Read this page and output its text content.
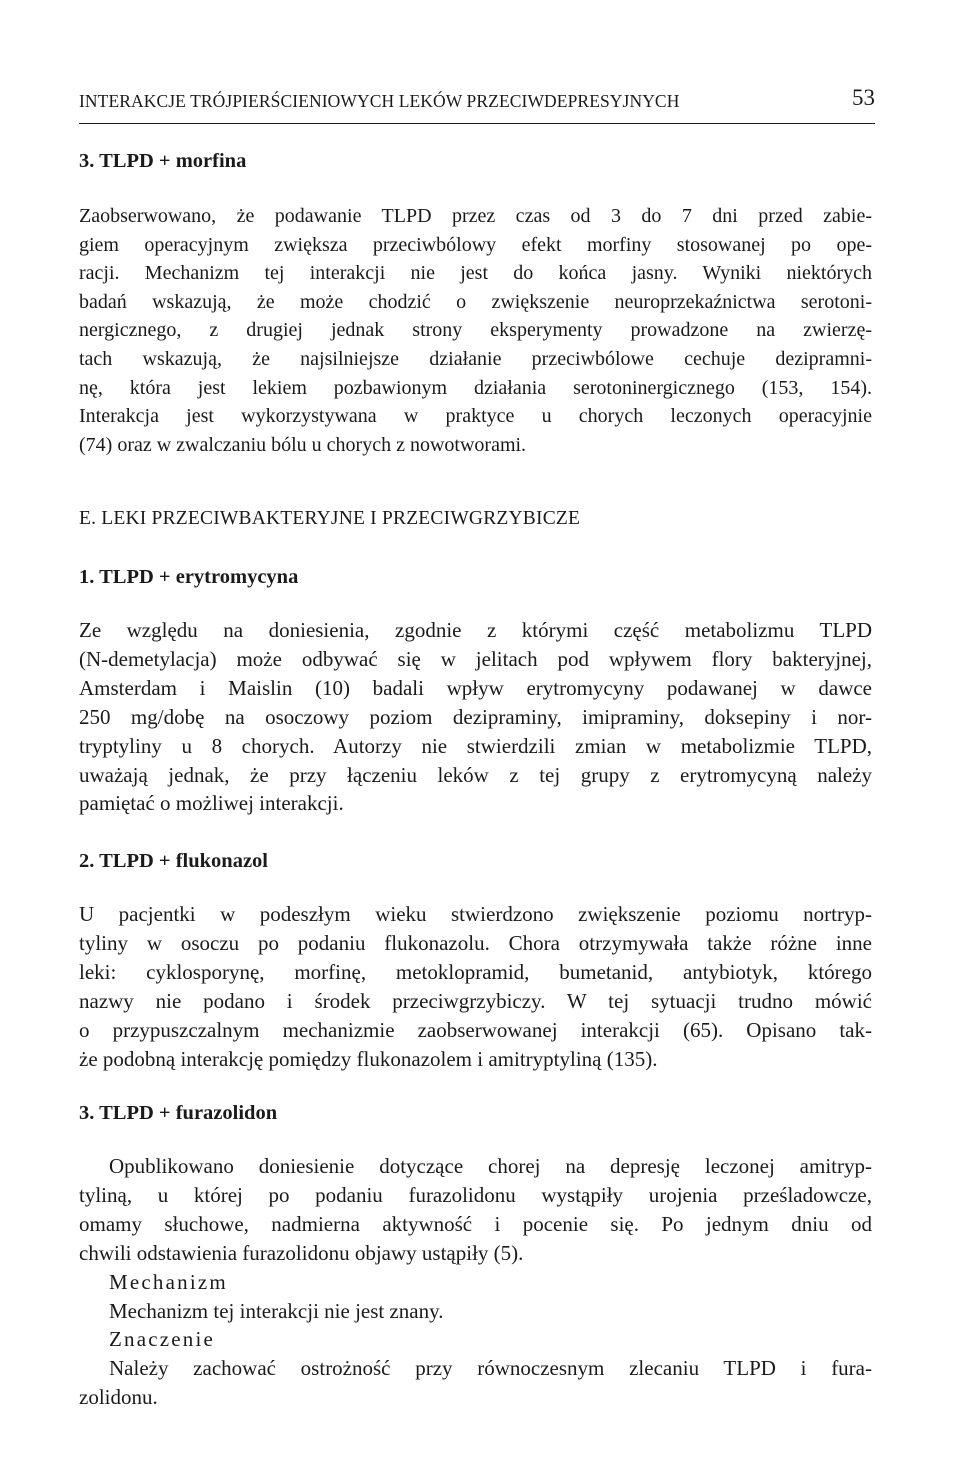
INTERAKCJE TRÓJPIERŚCIENIOWYCH LEKÓW PRZECIWDEPRESYJNYCH	53
3. TLPD + morfina
Zaobserwowano, że podawanie TLPD przez czas od 3 do 7 dni przed zabie-
giem operacyjnym zwiększa przeciwbólowy efekt morfiny stosowanej po ope-
racji. Mechanizm tej interakcji nie jest do końca jasny. Wyniki niektórych
badań wskazują, że może chodzić o zwiększenie neuroprzekaźnictwa serotoni-
nergicznego, z drugiej jednak strony eksperymenty prowadzone na zwierzę-
tach wskazują, że najsilniejsze działanie przeciwbólowe cechuje dezipramni-
nę, która jest lekiem pozbawionym działania serotoninergicznego (153, 154).
Interakcja jest wykorzystywana w praktyce u chorych leczonych operacyjnie
(74) oraz w zwalczaniu bólu u chorych z nowotworami.
E. LEKI PRZECIWBAKTERYJNE I PRZECIWGRZYBICZE
1. TLPD + erytromycyna
Ze względu na doniesienia, zgodnie z którymi część metabolizmu TLPD
(N-demetylacja) może odbywać się w jelitach pod wpływem flory bakteryjnej,
Amsterdam i Maislin (10) badali wpływ erytromycyny podawanej w dawce
250 mg/dobę na osoczowy poziom dezipraminy, imipraminy, doksepiny i nor-
tryptyliny u 8 chorych. Autorzy nie stwierdzili zmian w metabolizmie TLPD,
uważają jednak, że przy łączeniu leków z tej grupy z erytromycyną należy
pamiętać o możliwej interakcji.
2. TLPD + flukonazol
U pacjentki w podeszłym wieku stwierdzono zwiększenie poziomu nortryp-
tyliny w osoczu po podaniu flukonazolu. Chora otrzymywała także różne inne
leki: cyklosporynę, morfinę, metoklopramid, bumetanid, antybiotyk, którego
nazwy nie podano i środek przeciwgrzybiczy. W tej sytuacji trudno mówić
o przypuszczalnym mechanizmie zaobserwowanej interakcji (65). Opisano tak-
że podobną interakcję pomiędzy flukonazolem i amitryptyliną (135).
3. TLPD + furazolidon
Opublikowano doniesienie dotyczące chorej na depresję leczonej amitryp-
tyliną, u której po podaniu furazolidonu wystąpiły urojenia prześladowcze,
omamy słuchowe, nadmierna aktywność i pocenie się. Po jednym dniu od
chwili odstawienia furazolidonu objawy ustąpiły (5).
Mechanizm
Mechanizm tej interakcji nie jest znany.
Znaczenie
Należy zachować ostrożność przy równoczesnym zlecaniu TLPD i fura-
zolidonu.
